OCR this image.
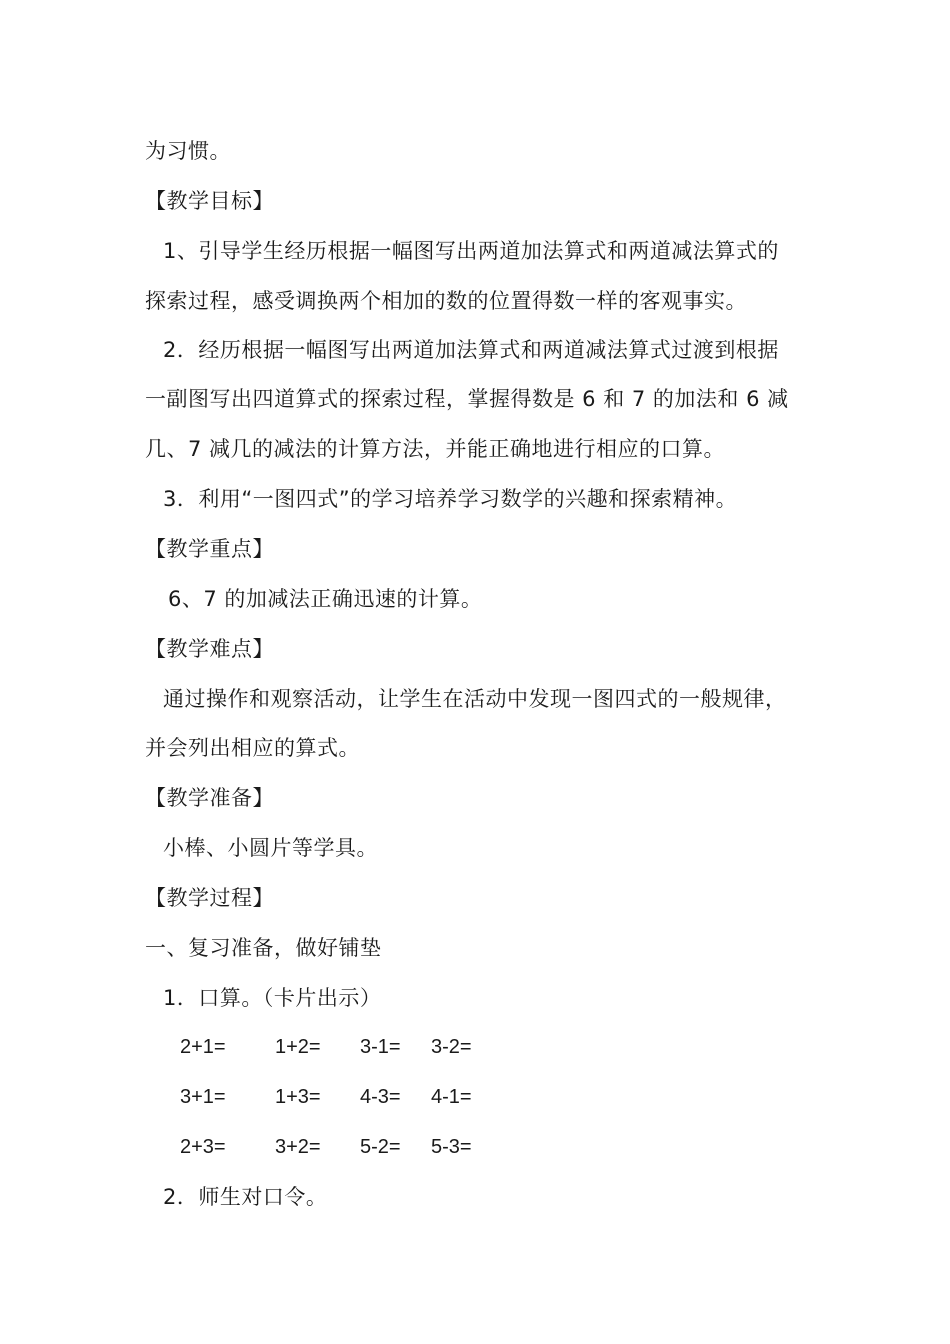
为习惯。
【教学目标】
1、引导学生经历根据一幅图写出两道加法算式和两道减法算式的
探索过程，感受调换两个相加的数的位置得数一样的客观事实。
2．经历根据一幅图写出两道加法算式和两道减法算式过渡到根据
一副图写出四道算式的探索过程，掌握得数是 6 和 7 的加法和 6 减
几、7 减几的减法的计算方法，并能正确地进行相应的口算。
3．利用“一图四式”的学习培养学习数学的兴趣和探索精神。
【教学重点】
6、7 的加减法正确迅速的计算。
【教学难点】
通过操作和观察活动，让学生在活动中发现一图四式的一般规律，
并会列出相应的算式。
【教学准备】
小棒、小圆片等学具。
【教学过程】
一、复习准备，做好铺垫
1．口算。（卡片出示）
2+1= 1+2= 3-1= 3-2=
3+1= 1+3= 4-3= 4-1=
2+3= 3+2= 5-2= 5-3=
2．师生对口令。
